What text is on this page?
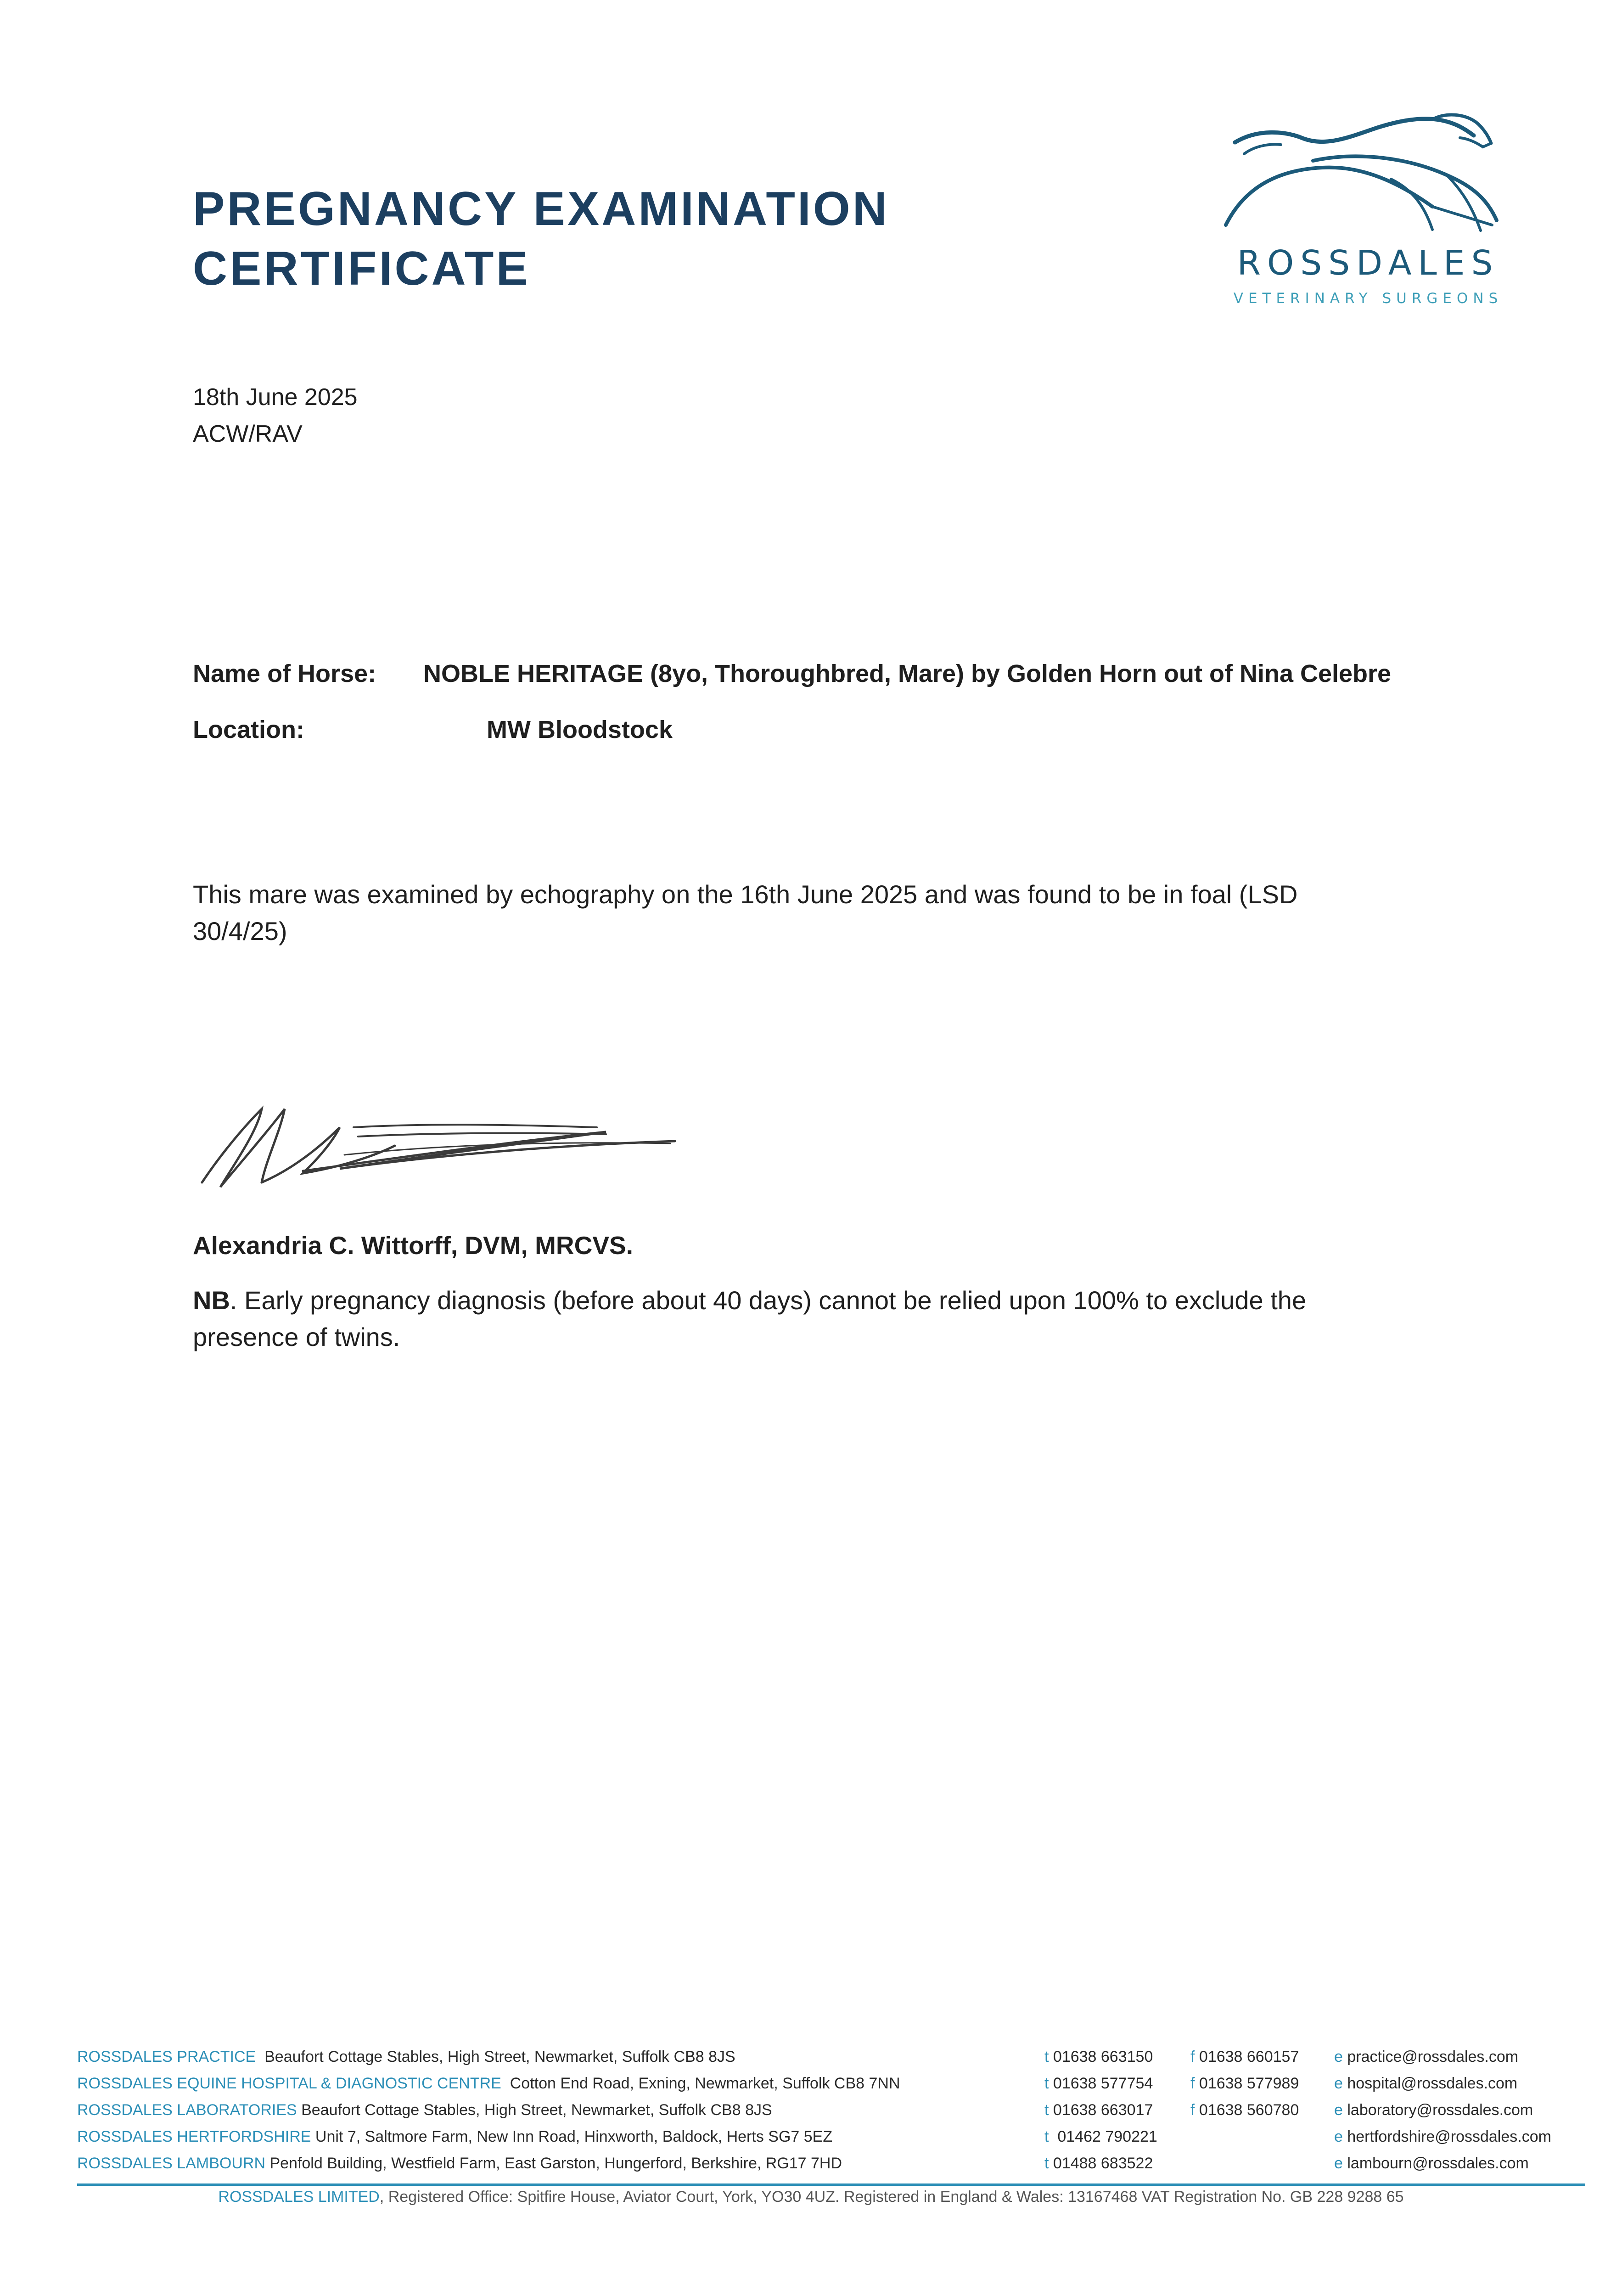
PREGNANCY EXAMINATION
CERTIFICATE	ROSSDALES
VETERINARY SURGEONS
18th June 2025
ACW/RAV
Name of Horse: NOBLE HERITAGE (8yo, Thoroughbred, Mare) by Golden Horn out of Nina Celebre
Location:	MW Bloodstock
This mare was examined by echography on the 16th June 2025 and was found to be in foal (LSD 30/4/25)
Alexandria C. Wittorff, DVM, MRCVS.
NB. Early pregnancy diagnosis (before about 40 days) cannot be relied upon 100% to exclude the presence of twins.
ROSSDALES PRACTICE  Beaufort Cottage Stables, High Street, Newmarket, Suffolk CB8 8JS	t 01638 663150 f 01638 660157 e practice@rossdales.com
ROSSDALES EQUINE HOSPITAL & DIAGNOSTIC CENTRE  Cotton End Road, Exning, Newmarket, Suffolk CB8 7NN	t 01638 577754 f 01638 577989 e hospital@rossdales.com
ROSSDALES LABORATORIES Beaufort Cottage Stables, High Street, Newmarket, Suffolk CB8 8JS	t 01638 663017 f 01638 560780 e laboratory@rossdales.com
ROSSDALES HERTFORDSHIRE Unit 7, Saltmore Farm, New Inn Road, Hinxworth, Baldock, Herts SG7 5EZ	t  01462 790221	e hertfordshire@rossdales.com
ROSSDALES LAMBOURN Penfold Building, Westfield Farm, East Garston, Hungerford, Berkshire, RG17 7HD	t 01488 683522	e lambourn@rossdales.com
ROSSDALES LIMITED, Registered Office: Spitfire House, Aviator Court, York, YO30 4UZ. Registered in England & Wales: 13167468 VAT Registration No. GB 228 9288 65
